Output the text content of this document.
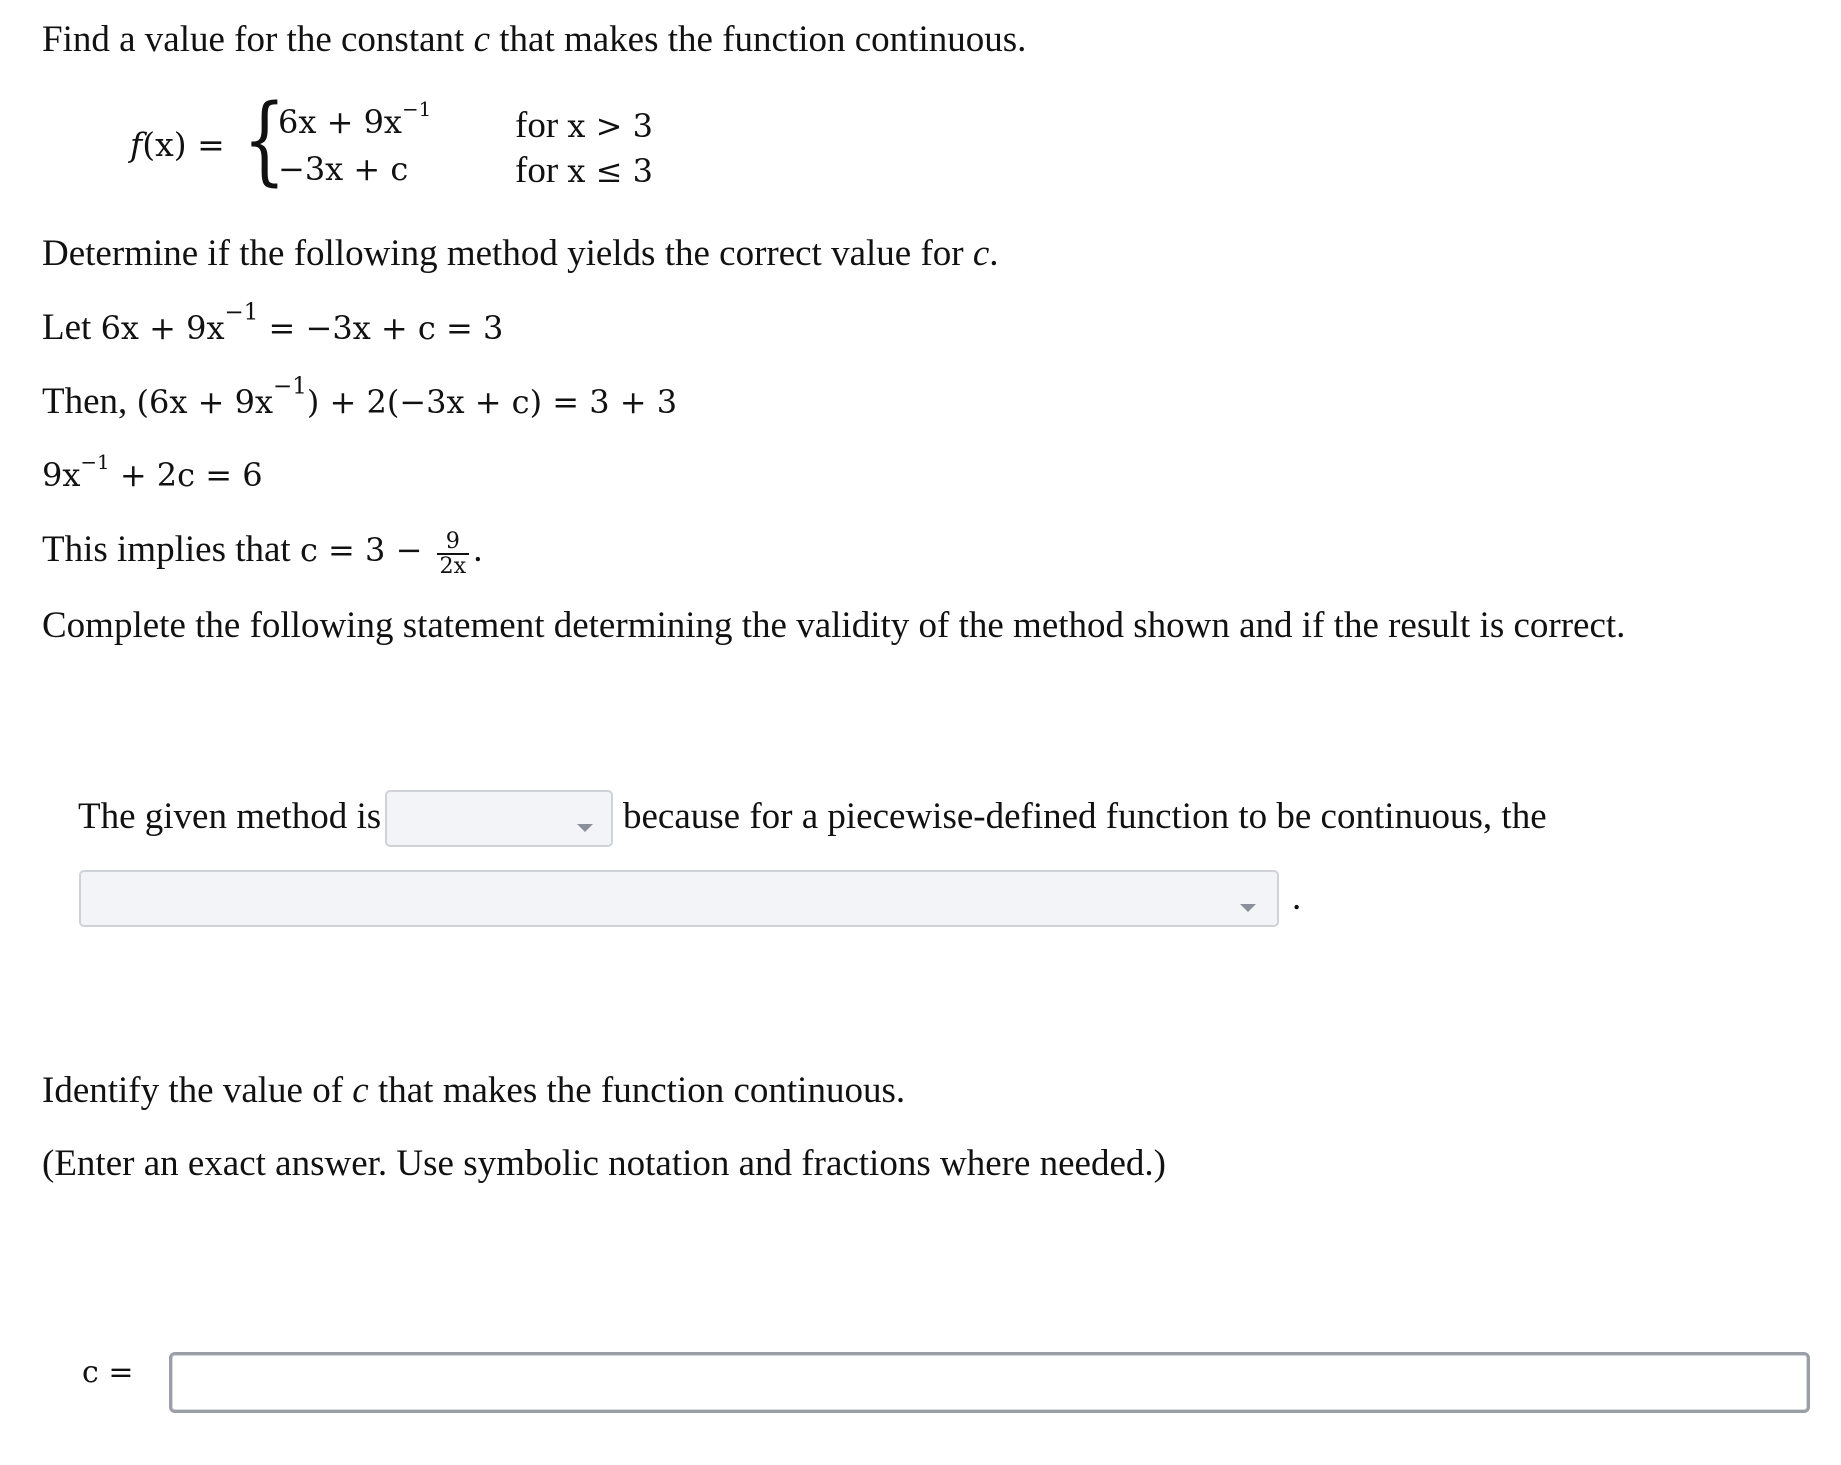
Find a value for the constant c that makes the function continuous.
f(x) = {
$6x + 9x^{-1}$
−3x + c
for x > 3
for x ≤ 3
Determine if the following method yields the correct value for c.
Let $6x + 9x^{-1} = -3x + c = 3$
Then, $(6x + 9x^{-1}) + 2(-3x + c) = 3 + 3$
$9x^{-1} + 2c = 6$
This implies that $c = 3 - \frac{9}{2x}$ .
Complete the following statement determining the validity of the method shown and if the result is correct.
The given method is	because for a piecewise-defined function to be continuous, the
.
Identify the value of c that makes the function continuous.
(Enter an exact answer. Use symbolic notation and fractions where needed.)
c =
